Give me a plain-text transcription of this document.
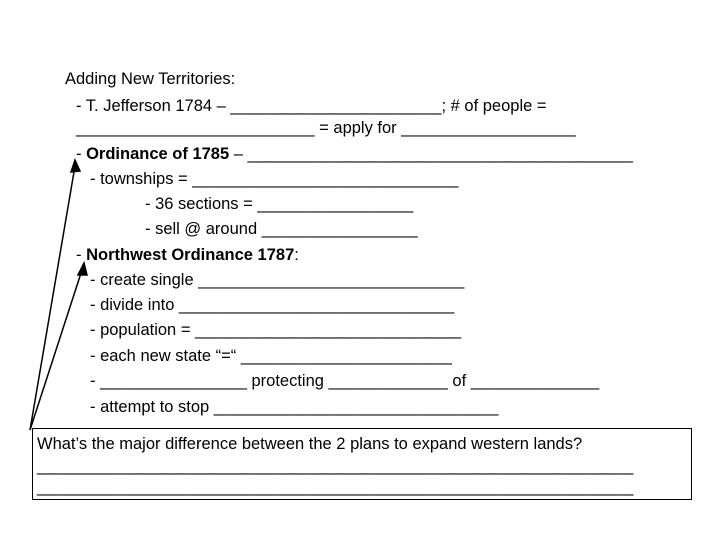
Adding New Territories:
- T. Jefferson 1784 – _______________________; # of people =
__________________________ = apply for ___________________
- Ordinance of 1785 – __________________________________________
- townships = _____________________________
- 36 sections = _________________
- sell @ around _________________
- Northwest Ordinance 1787:
- create single _____________________________
- divide into ______________________________
- population = _____________________________
- each new state “=“ _______________________
- ________________ protecting _____________ of ______________
- attempt to stop _______________________________
What’s the major difference between the 2 plans to expand western lands?
_________________________________________________________________
_________________________________________________________________
